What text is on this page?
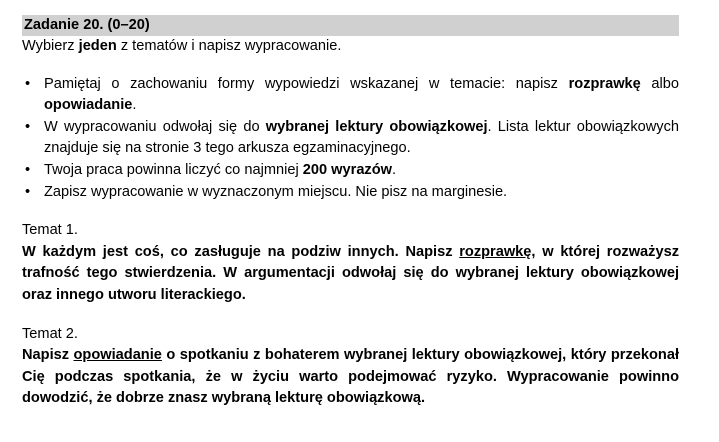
Zadanie 20. (0–20)

Wybierz jeden z tematów i napisz wypracowanie.

• Pamiętaj o zachowaniu formy wypowiedzi wskazanej w temacie: napisz rozprawkę albo opowiadanie.
• W wypracowaniu odwołaj się do wybranej lektury obowiązkowej. Lista lektur obowiązkowych znajduje się na stronie 3 tego arkusza egzaminacyjnego.
• Twoja praca powinna liczyć co najmniej 200 wyrazów.
• Zapisz wypracowanie w wyznaczonym miejscu. Nie pisz na marginesie.
Temat 1.
W każdym jest coś, co zasługuje na podziw innych. Napisz rozprawkę, w której rozważysz trafność tego stwierdzenia. W argumentacji odwołaj się do wybranej lektury obowiązkowej oraz innego utworu literackiego.
Temat 2.
Napisz opowiadanie o spotkaniu z bohaterem wybranej lektury obowiązkowej, który przekonał Cię podczas spotkania, że w życiu warto podejmować ryzyko. Wypracowanie powinno dowodzić, że dobrze znasz wybraną lekturę obowiązkową.
